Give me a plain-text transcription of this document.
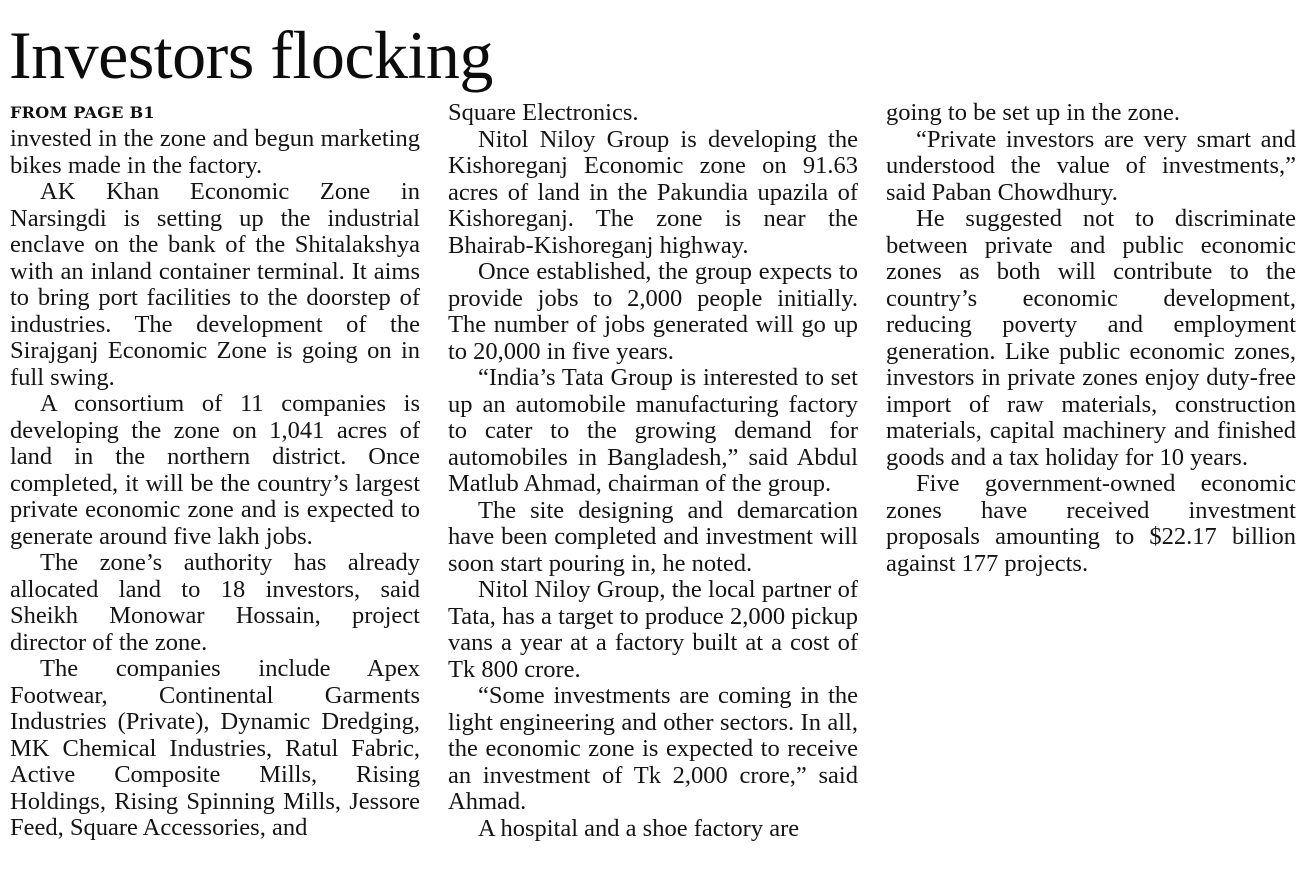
Investors flocking
FROM PAGE B1

invested in the zone and begun marketing bikes made in the factory.

AK Khan Economic Zone in Narsingdi is setting up the industrial enclave on the bank of the Shitalakshya with an inland container terminal. It aims to bring port facilities to the doorstep of industries. The development of the Sirajganj Economic Zone is going on in full swing.

A consortium of 11 companies is developing the zone on 1,041 acres of land in the northern district. Once completed, it will be the country’s largest private economic zone and is expected to generate around five lakh jobs.

The zone’s authority has already allocated land to 18 investors, said Sheikh Monowar Hossain, project director of the zone.

The companies include Apex Footwear, Continental Garments Industries (Private), Dynamic Dredging, MK Chemical Industries, Ratul Fabric, Active Composite Mills, Rising Holdings, Rising Spinning Mills, Jessore Feed, Square Accessories, and

Square Electronics.

Nitol Niloy Group is developing the Kishoreganj Economic zone on 91.63 acres of land in the Pakundia upazila of Kishoreganj. The zone is near the Bhairab-Kishoreganj highway.

Once established, the group expects to provide jobs to 2,000 people initially. The number of jobs generated will go up to 20,000 in five years.

“India’s Tata Group is interested to set up an automobile manufacturing factory to cater to the growing demand for automobiles in Bangladesh,” said Abdul Matlub Ahmad, chairman of the group.

The site designing and demarcation have been completed and investment will soon start pouring in, he noted.

Nitol Niloy Group, the local partner of Tata, has a target to produce 2,000 pickup vans a year at a factory built at a cost of Tk 800 crore.

“Some investments are coming in the light engineering and other sectors. In all, the economic zone is expected to receive an investment of Tk 2,000 crore,” said Ahmad.

A hospital and a shoe factory are

going to be set up in the zone.

“Private investors are very smart and understood the value of investments,” said Paban Chowdhury.

He suggested not to discriminate between private and public economic zones as both will contribute to the country’s economic development, reducing poverty and employment generation. Like public economic zones, investors in private zones enjoy duty-free import of raw materials, construction materials, capital machinery and finished goods and a tax holiday for 10 years.

Five government-owned economic zones have received investment proposals amounting to $22.17 billion against 177 projects.
